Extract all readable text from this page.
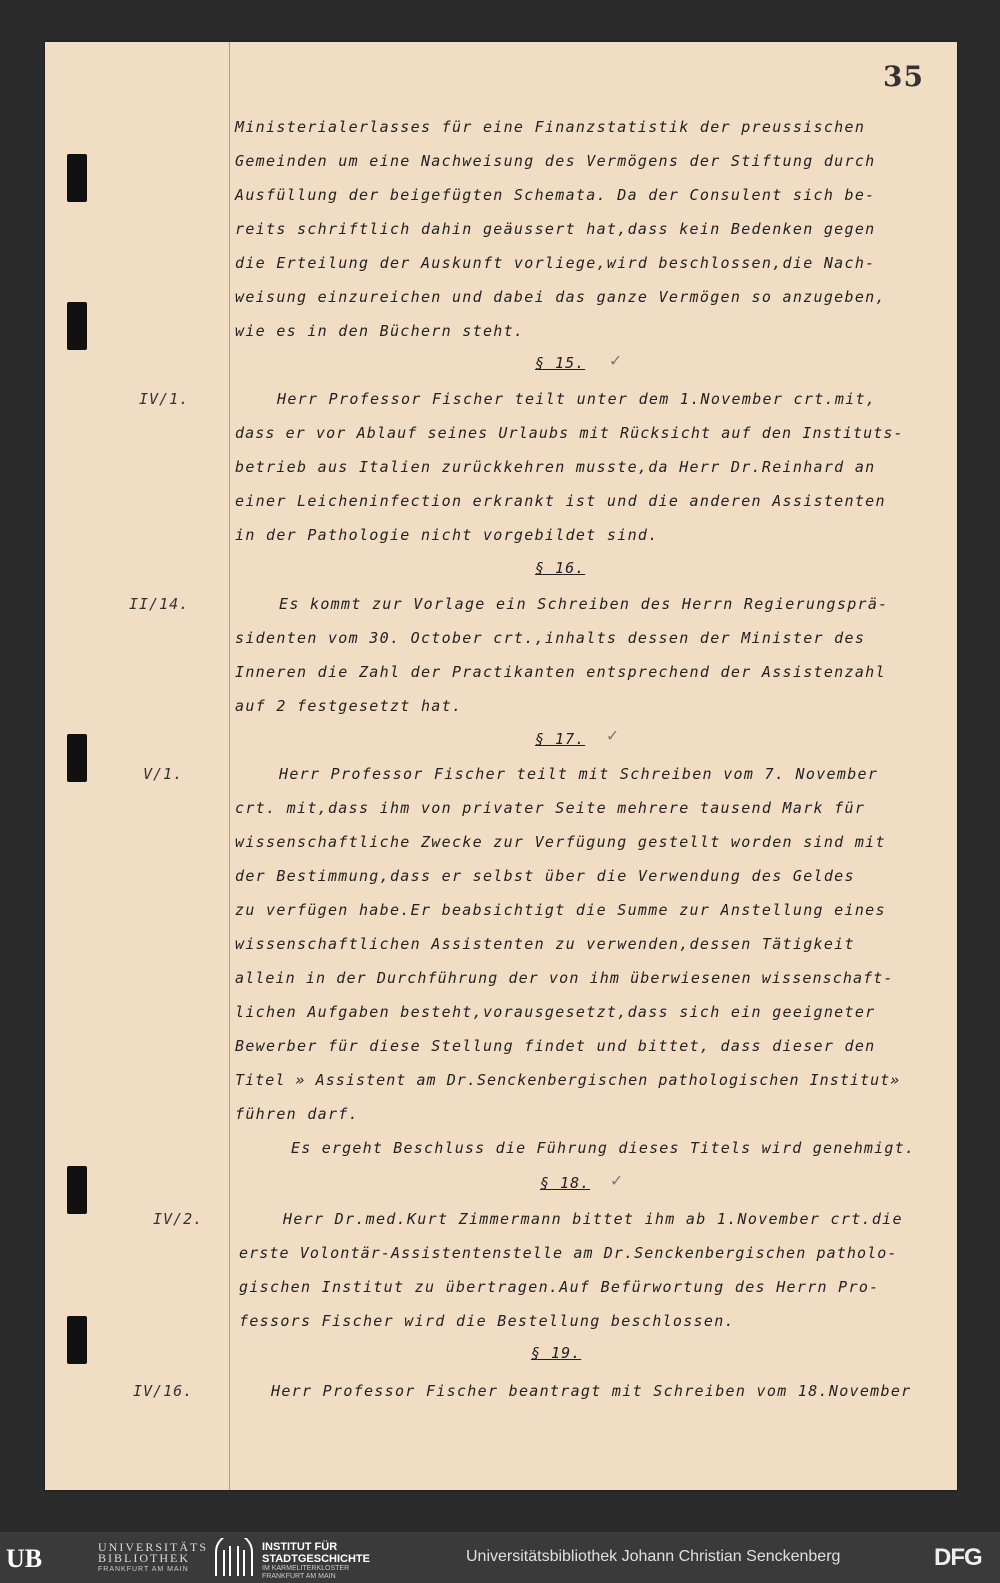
35
IV/1.
II/14.
V/1.
IV/2.
IV/16.
§ 15. ✓
§ 16.
§ 17. ✓
§ 18. ✓
§ 19.
Ministerialerlasses für eine Finanzstatistik der preussischen
Gemeinden um eine Nachweisung des Vermögens der Stiftung durch
Ausfüllung der beigefügten Schemata. Da der Consulent sich be-
reits schriftlich dahin geäussert hat,dass kein Bedenken gegen
die Erteilung der Auskunft vorliege,wird beschlossen,die Nach-
weisung einzureichen und dabei das ganze Vermögen so anzugeben,
wie es in den Büchern steht.
Herr Professor Fischer teilt unter dem 1.November crt.mit,
dass er vor Ablauf seines Urlaubs mit Rücksicht auf den Instituts-
betrieb aus Italien zurückkehren musste,da Herr Dr.Reinhard an
einer Leicheninfection erkrankt ist und die anderen Assistenten
in der Pathologie nicht vorgebildet sind.
Es kommt zur Vorlage ein Schreiben des Herrn Regierungsprä-
sidenten vom 30. October crt.,inhalts dessen der Minister des
Inneren die Zahl der Practikanten entsprechend der Assistenzahl
auf 2 festgesetzt hat.
Herr Professor Fischer teilt mit Schreiben vom 7. November
crt. mit,dass ihm von privater Seite mehrere tausend Mark für
wissenschaftliche Zwecke zur Verfügung gestellt worden sind mit
der Bestimmung,dass er selbst über die Verwendung des Geldes
zu verfügen habe.Er beabsichtigt die Summe zur Anstellung eines
wissenschaftlichen Assistenten zu verwenden,dessen Tätigkeit
allein in der Durchführung der von ihm überwiesenen wissenschaft-
lichen Aufgaben besteht,vorausgesetzt,dass sich ein geeigneter
Bewerber für diese Stellung findet und bittet, dass dieser den
Titel » Assistent am Dr.Senckenbergischen pathologischen Institut»
führen darf.
Es ergeht Beschluss die Führung dieses Titels wird genehmigt.
Herr Dr.med.Kurt Zimmermann bittet ihm ab 1.November crt.die
erste Volontär-Assistentenstelle am Dr.Senckenbergischen patholo-
gischen Institut zu übertragen.Auf Befürwortung des Herrn Pro-
fessors Fischer wird die Bestellung beschlossen.
Herr Professor Fischer beantragt mit Schreiben vom 18.November
UB	UNIVERSITÄTS
BIBLIOTHEK
FRANKFURT AM MAIN
INSTITUT FÜR
STADTGESCHICHTE
IM KARMELITERKLOSTER
FRANKFURT AM MAIN
Universitätsbibliothek Johann Christian Senckenberg	DFG
